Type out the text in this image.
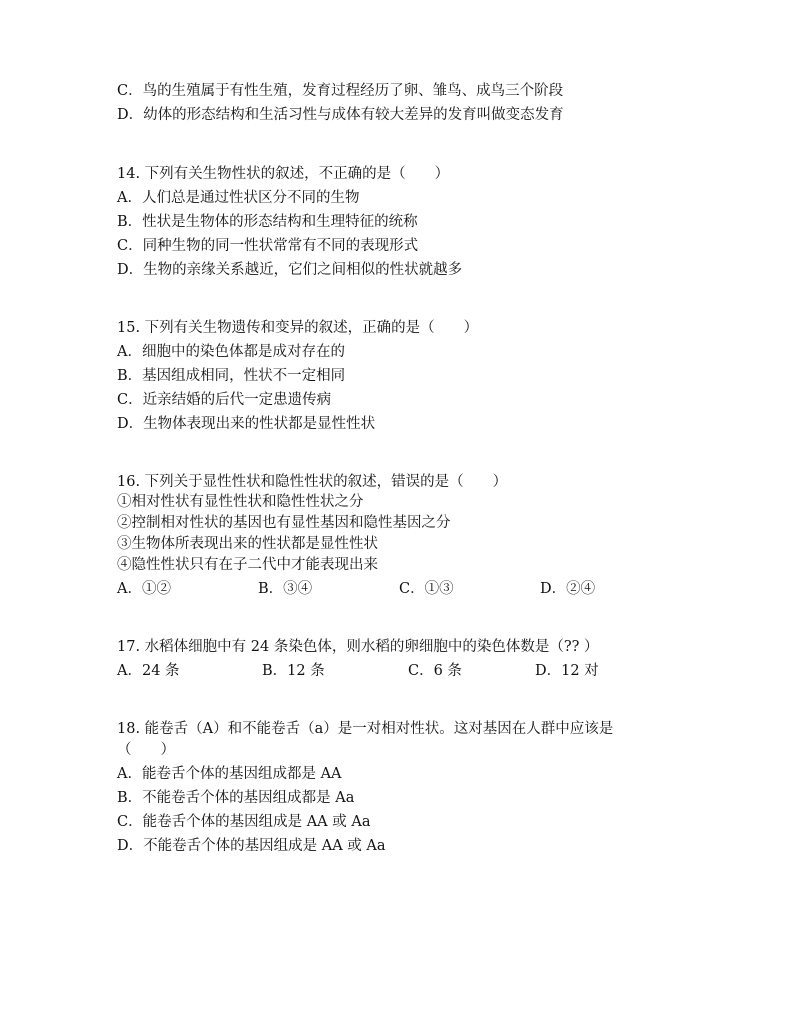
C．鸟的生殖属于有性生殖，发育过程经历了卵、雏鸟、成鸟三个阶段
D．幼体的形态结构和生活习性与成体有较大差异的发育叫做变态发育
14. 下列有关生物性状的叙述，不正确的是（　　）
A．人们总是通过性状区分不同的生物
B．性状是生物体的形态结构和生理特征的统称
C．同种生物的同一性状常常有不同的表现形式
D．生物的亲缘关系越近，它们之间相似的性状就越多
15. 下列有关生物遗传和变异的叙述，正确的是（　　）
A．细胞中的染色体都是成对存在的
B．基因组成相同，性状不一定相同
C．近亲结婚的后代一定患遗传病
D．生物体表现出来的性状都是显性性状
16. 下列关于显性性状和隐性性状的叙述，错误的是（　　）
①相对性状有显性性状和隐性性状之分
②控制相对性状的基因也有显性基因和隐性基因之分
③生物体所表现出来的性状都是显性性状
④隐性性状只有在子二代中才能表现出来
A．①②	B．③④	C．①③	D．②④
17. 水稻体细胞中有 24 条染色体，则水稻的卵细胞中的染色体数是（?? ）
A．24 条	B．12 条	C．6 条	D．12 对
18. 能卷舌（A）和不能卷舌（a）是一对相对性状。这对基因在人群中应该是
（　　）
A．能卷舌个体的基因组成都是 AA
B．不能卷舌个体的基因组成都是 Aa
C．能卷舌个体的基因组成是 AA 或 Aa
D．不能卷舌个体的基因组成是 AA 或 Aa
